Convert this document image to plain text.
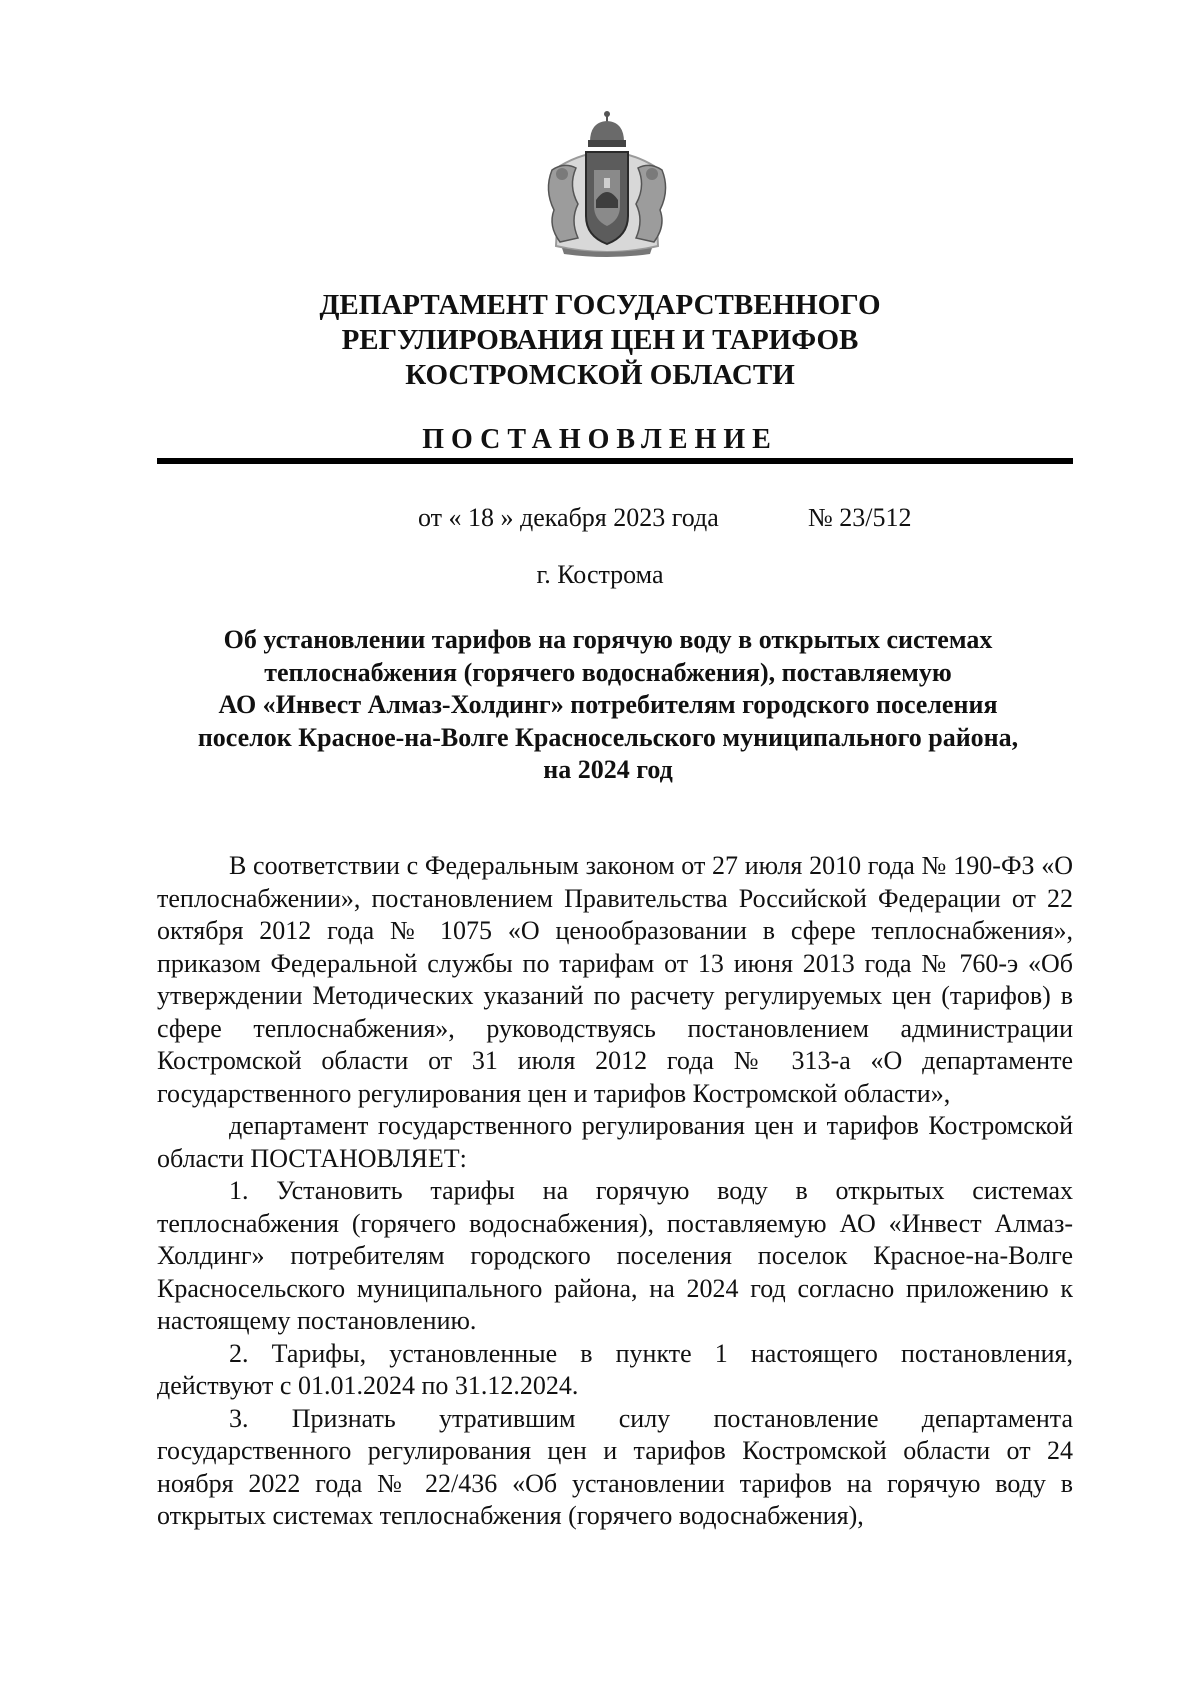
ДЕПАРТАМЕНТ ГОСУДАРСТВЕННОГО
РЕГУЛИРОВАНИЯ ЦЕН И ТАРИФОВ
КОСТРОМСКОЙ ОБЛАСТИ
ПОСТАНОВЛЕНИЕ
от « 18 » декабря 2023 года	№ 23/512
г. Кострома
Об установлении тарифов на горячую воду в открытых системах
теплоснабжения (горячего водоснабжения), поставляемую
АО «Инвест Алмаз-Холдинг» потребителям городского поселения
поселок Красное-на-Волге Красносельского муниципального района,
на 2024 год

В соответствии с Федеральным законом от 27 июля 2010 года № 190-ФЗ «О теплоснабжении», постановлением Правительства Российской Федерации от 22 октября 2012 года № 1075 «О ценообразовании в сфере теплоснабжения», приказом Федеральной службы по тарифам от 13 июня 2013 года № 760-э «Об утверждении Методических указаний по расчету регулируемых цен (тарифов) в сфере теплоснабжения», руководствуясь постановлением администрации Костромской области от 31 июля 2012 года № 313-а «О департаменте государственного регулирования цен и тарифов Костромской области»,

департамент государственного регулирования цен и тарифов Костромской области ПОСТАНОВЛЯЕТ:

1. Установить тарифы на горячую воду в открытых системах теплоснабжения (горячего водоснабжения), поставляемую АО «Инвест Алмаз-Холдинг» потребителям городского поселения поселок Красное-на-Волге Красносельского муниципального района, на 2024 год согласно приложению к настоящему постановлению.

2. Тарифы, установленные в пункте 1 настоящего постановления, действуют с 01.01.2024 по 31.12.2024.

3. Признать утратившим силу постановление департамента государственного регулирования цен и тарифов Костромской области от 24 ноября 2022 года № 22/436 «Об установлении тарифов на горячую воду в открытых системах теплоснабжения (горячего водоснабжения),
